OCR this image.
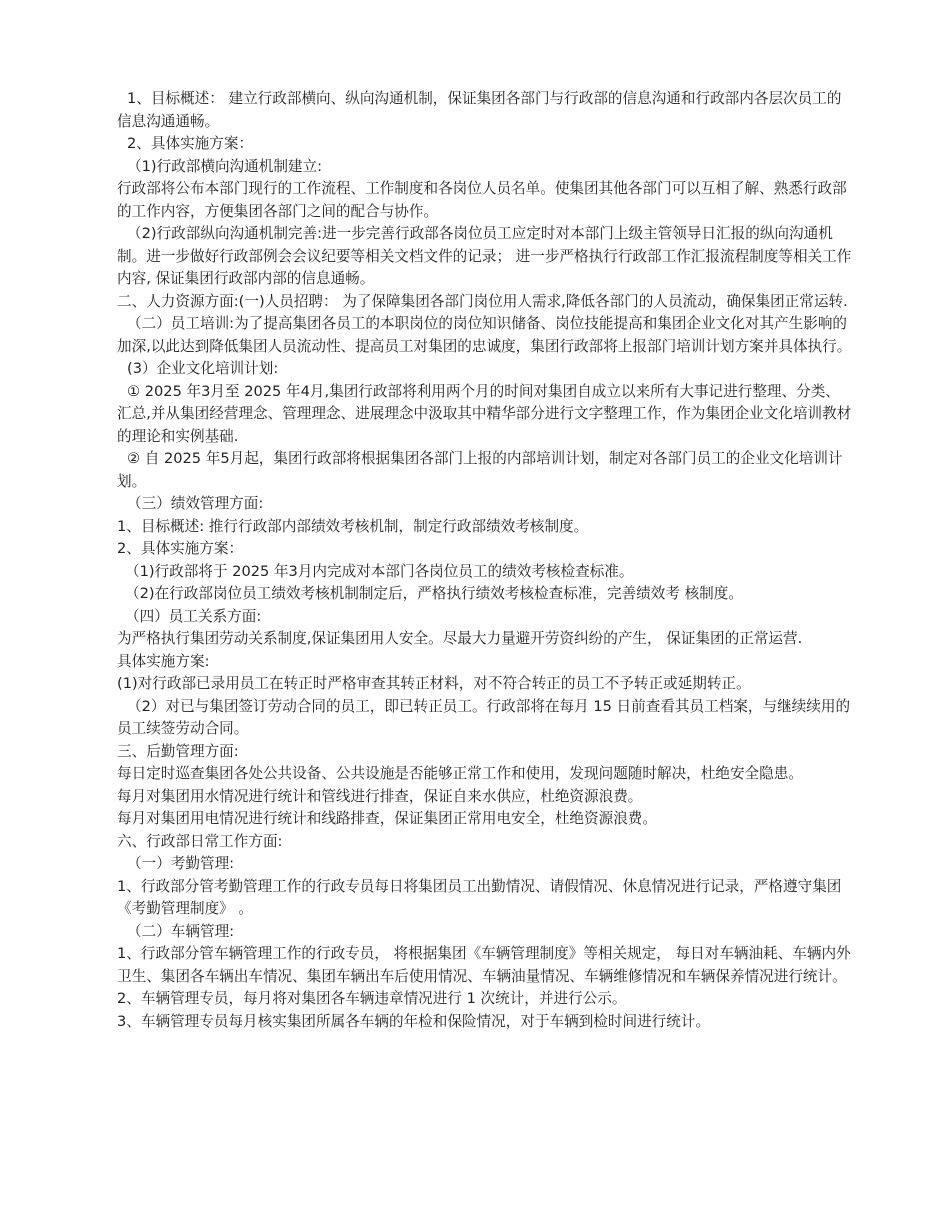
1、目标概述： 建立行政部横向、纵向沟通机制，保证集团各部门与行政部的信息沟通和行政部内各层次员工的信息沟通通畅。

2、具体实施方案：

（1)行政部横向沟通机制建立:

行政部将公布本部门现行的工作流程、工作制度和各岗位人员名单。使集团其他各部门可以互相了解、熟悉行政部的工作内容，方便集团各部门之间的配合与协作。

（2)行政部纵向沟通机制完善:进一步完善行政部各岗位员工应定时对本部门上级主管领导日汇报的纵向沟通机制。进一步做好行政部例会会议纪要等相关文档文件的记录； 进一步严格执行行政部工作汇报流程制度等相关工作内容, 保证集团行政部内部的信息通畅。

二、人力资源方面:(一)人员招聘： 为了保障集团各部门岗位用人需求,降低各部门的人员流动，确保集团正常运转.

（二）员工培训:为了提高集团各员工的本职岗位的岗位知识储备、岗位技能提高和集团企业文化对其产生影响的加深,以此达到降低集团人员流动性、提高员工对集团的忠诚度，集团行政部将上报部门培训计划方案并具体执行。

(3）企业文化培训计划:

① 2025 年3月至 2025 年4月,集团行政部将利用两个月的时间对集团自成立以来所有大事记进行整理、分类、汇总,并从集团经营理念、管理理念、进展理念中汲取其中精华部分进行文字整理工作，作为集团企业文化培训教材的理论和实例基础.

② 自 2025 年5月起，集团行政部将根据集团各部门上报的内部培训计划，制定对各部门员工的企业文化培训计划。

（三）绩效管理方面:

1、目标概述: 推行行政部内部绩效考核机制，制定行政部绩效考核制度。

2、具体实施方案：

（1)行政部将于 2025 年3月内完成对本部门各岗位员工的绩效考核检查标准。

（2)在行政部岗位员工绩效考核机制制定后，严格执行绩效考核检查标准，完善绩效考 核制度。

（四）员工关系方面:

为严格执行集团劳动关系制度,保证集团用人安全。尽最大力量避开劳资纠纷的产生， 保证集团的正常运营.

具体实施方案:

(1)对行政部已录用员工在转正时严格审查其转正材料，对不符合转正的员工不予转正或延期转正。

（2）对已与集团签订劳动合同的员工，即已转正员工。行政部将在每月 15 日前查看其员工档案，与继续续用的员工续签劳动合同。

三、后勤管理方面:

每日定时巡查集团各处公共设备、公共设施是否能够正常工作和使用，发现问题随时解决，杜绝安全隐患。

每月对集团用水情况进行统计和管线进行排查，保证自来水供应，杜绝资源浪费。

每月对集团用电情况进行统计和线路排查，保证集团正常用电安全，杜绝资源浪费。

六、行政部日常工作方面:

（一）考勤管理:

1、行政部分管考勤管理工作的行政专员每日将集团员工出勤情况、请假情况、休息情况进行记录，严格遵守集团《考勤管理制度》 。

（二）车辆管理:

1、行政部分管车辆管理工作的行政专员， 将根据集团《车辆管理制度》等相关规定， 每日对车辆油耗、车辆内外卫生、集团各车辆出车情况、集团车辆出车后使用情况、车辆油量情况、车辆维修情况和车辆保养情况进行统计。

2、车辆管理专员，每月将对集团各车辆违章情况进行 1 次统计，并进行公示。

3、车辆管理专员每月核实集团所属各车辆的年检和保险情况，对于车辆到检时间进行统计。
